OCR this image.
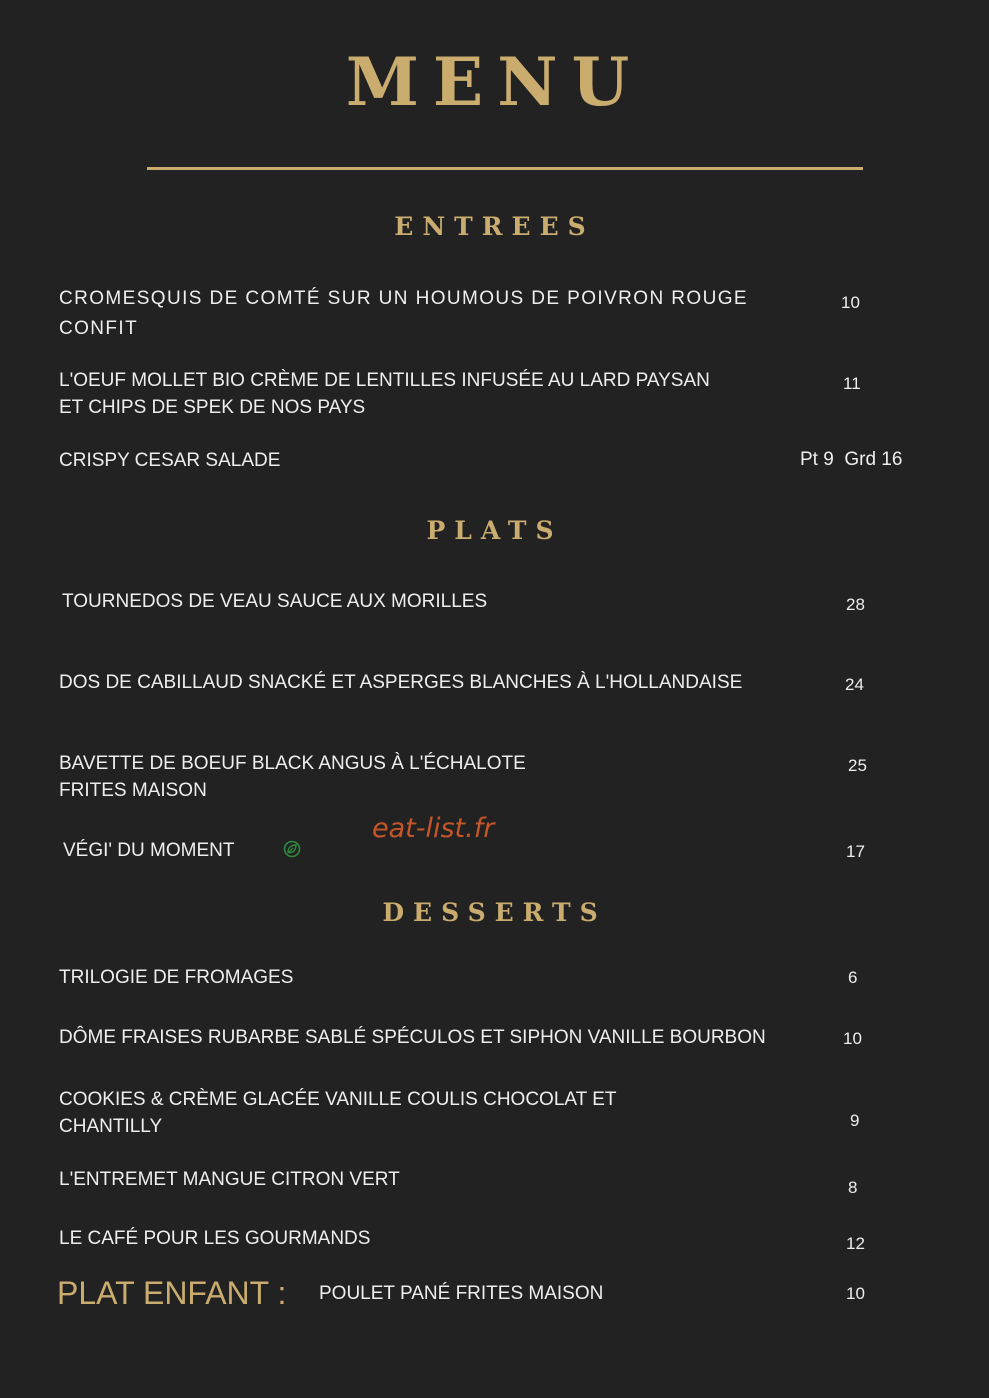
MENU
ENTREES
CROMESQUIS DE COMTÉ SUR UN HOUMOUS DE POIVRON ROUGE
CONFIT
10
L'OEUF MOLLET BIO CRÈME DE LENTILLES INFUSÉE AU LARD PAYSAN
ET CHIPS DE SPEK DE NOS PAYS
11
CRISPY CESAR SALADE	Pt 9  Grd 16
PLATS
TOURNEDOS DE VEAU SAUCE AUX MORILLES	28
DOS DE CABILLAUD SNACKÉ ET ASPERGES BLANCHES À L'HOLLANDAISE	24
BAVETTE DE BOEUF BLACK ANGUS À L'ÉCHALOTE
FRITES MAISON
25
VÉGI' DU MOMENT	17
eat-list.fr
DESSERTS
TRILOGIE DE FROMAGES	6
DÔME FRAISES RUBARBE SABLÉ SPÉCULOS ET SIPHON VANILLE BOURBON	10
COOKIES & CRÈME GLACÉE VANILLE COULIS CHOCOLAT ET
CHANTILLY	9
L'ENTREMET MANGUE CITRON VERT	8
LE CAFÉ POUR LES GOURMANDS	12
PLAT ENFANT : POULET PANÉ FRITES MAISON	10
